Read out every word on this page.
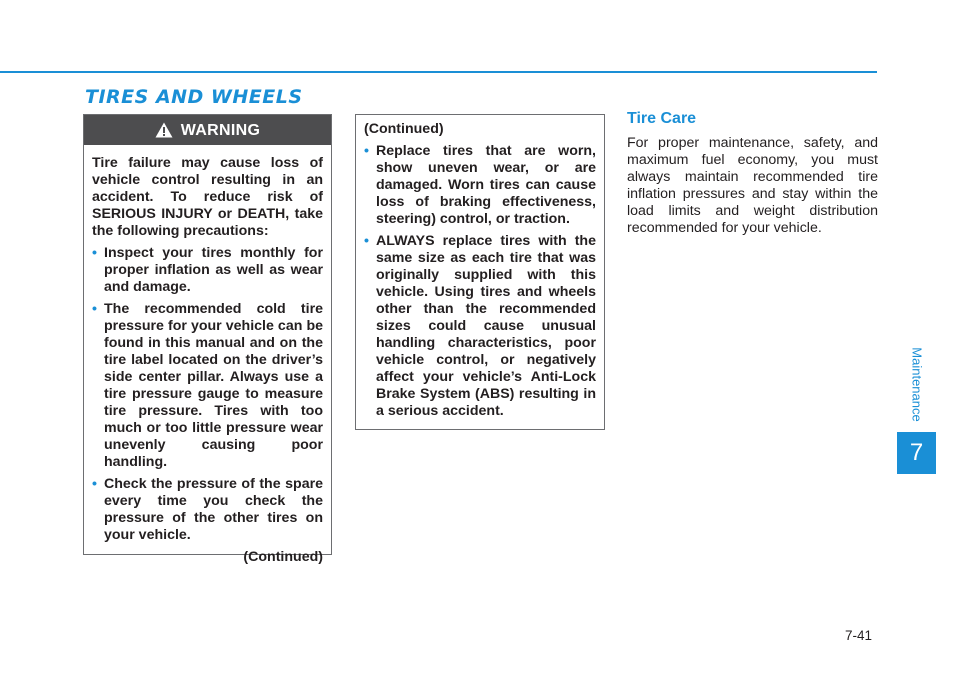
TIRES AND WHEELS
WARNING

Tire failure may cause loss of vehicle control resulting in an accident. To reduce risk of SERIOUS INJURY or DEATH, take the following precautions:

• Inspect your tires monthly for proper inflation as well as wear and damage.
• The recommended cold tire pressure for your vehicle can be found in this manual and on the tire label located on the driver’s side center pillar. Always use a tire pressure gauge to measure tire pressure. Tires with too much or too little pressure wear unevenly causing poor handling.
• Check the pressure of the spare every time you check the pressure of the other tires on your vehicle.
(Continued)

(Continued)

• Replace tires that are worn, show uneven wear, or are damaged. Worn tires can cause loss of braking effectiveness, steering) control, or traction.
• ALWAYS replace tires with the same size as each tire that was originally supplied with this vehicle. Using tires and wheels other than the recommended sizes could cause unusual handling characteristics, poor vehicle control, or negatively affect your vehicle’s Anti-Lock Brake System (ABS) resulting in a serious accident.
Tire Care

For proper maintenance, safety, and maximum fuel economy, you must always maintain recommended tire inflation pressures and stay within the load limits and weight distribution recommended for your vehicle.

Maintenance
7
7-41
